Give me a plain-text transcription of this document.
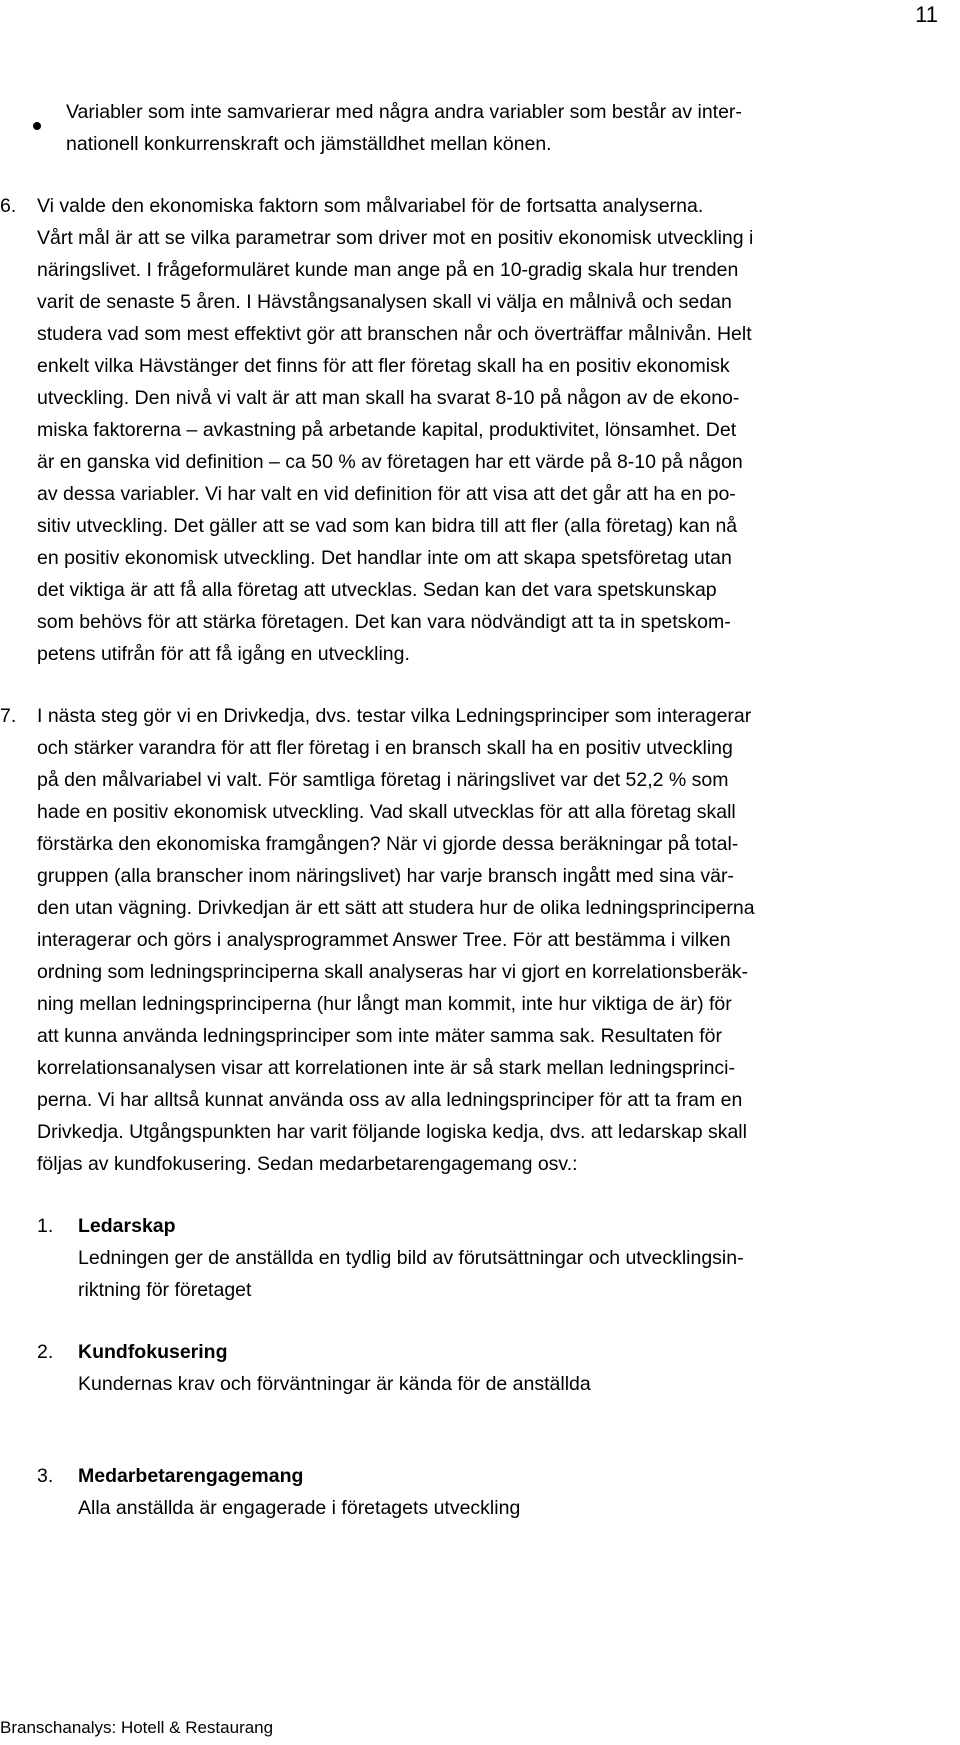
11

Variabler som inte samvarierar med några andra variabler som består av inter-

nationell konkurrenskraft och jämställdhet mellan könen.

6. Vi valde den ekonomiska faktorn som målvariabel för de fortsatta analyserna.

Vårt mål är att se vilka parametrar som driver mot en positiv ekonomisk utveckling i

näringslivet. I frågeformuläret kunde man ange på en 10-gradig skala hur trenden

varit de senaste 5 åren. I Hävstångsanalysen skall vi välja en målnivå och sedan

studera vad som mest effektivt gör att branschen når och överträffar målnivån. Helt

enkelt vilka Hävstänger det finns för att fler företag skall ha en positiv ekonomisk

utveckling. Den nivå vi valt är att man skall ha svarat 8-10 på någon av de ekono-

miska faktorerna – avkastning på arbetande kapital, produktivitet, lönsamhet. Det

är en ganska vid definition – ca 50 % av företagen har ett värde på 8-10 på någon

av dessa variabler. Vi har valt en vid definition för att visa att det går att ha en po-

sitiv utveckling. Det gäller att se vad som kan bidra till att fler (alla företag) kan nå

en positiv ekonomisk utveckling. Det handlar inte om att skapa spetsföretag utan

det viktiga är att få alla företag att utvecklas. Sedan kan det vara spetskunskap

som behövs för att stärka företagen. Det kan vara nödvändigt att ta in spetskom-

petens utifrån för att få igång en utveckling.

7. I nästa steg gör vi en Drivkedja, dvs. testar vilka Ledningsprinciper som interagerar

och stärker varandra för att fler företag i en bransch skall ha en positiv utveckling

på den målvariabel vi valt. För samtliga företag i näringslivet var det 52,2 % som

hade en positiv ekonomisk utveckling. Vad skall utvecklas för att alla företag skall

förstärka den ekonomiska framgången? När vi gjorde dessa beräkningar på total-

gruppen (alla branscher inom näringslivet) har varje bransch ingått med sina vär-

den utan vägning. Drivkedjan är ett sätt att studera hur de olika ledningsprinciperna

interagerar och görs i analysprogrammet Answer Tree. För att bestämma i vilken

ordning som ledningsprinciperna skall analyseras har vi gjort en korrelationsberäk-

ning mellan ledningsprinciperna (hur långt man kommit, inte hur viktiga de är) för

att kunna använda ledningsprinciper som inte mäter samma sak. Resultaten för

korrelationsanalysen visar att korrelationen inte är så stark mellan ledningsprinci-

perna. Vi har alltså kunnat använda oss av alla ledningsprinciper för att ta fram en

Drivkedja. Utgångspunkten har varit följande logiska kedja, dvs. att ledarskap skall

följas av kundfokusering. Sedan medarbetarengagemang osv.:

1. Ledarskap

Ledningen ger de anställda en tydlig bild av förutsättningar och utvecklingsin-

riktning för företaget

2. Kundfokusering

Kundernas krav och förväntningar är kända för de anställda

3. Medarbetarengagemang

Alla anställda är engagerade i företagets utveckling

Branschanalys: Hotell & Restaurang
